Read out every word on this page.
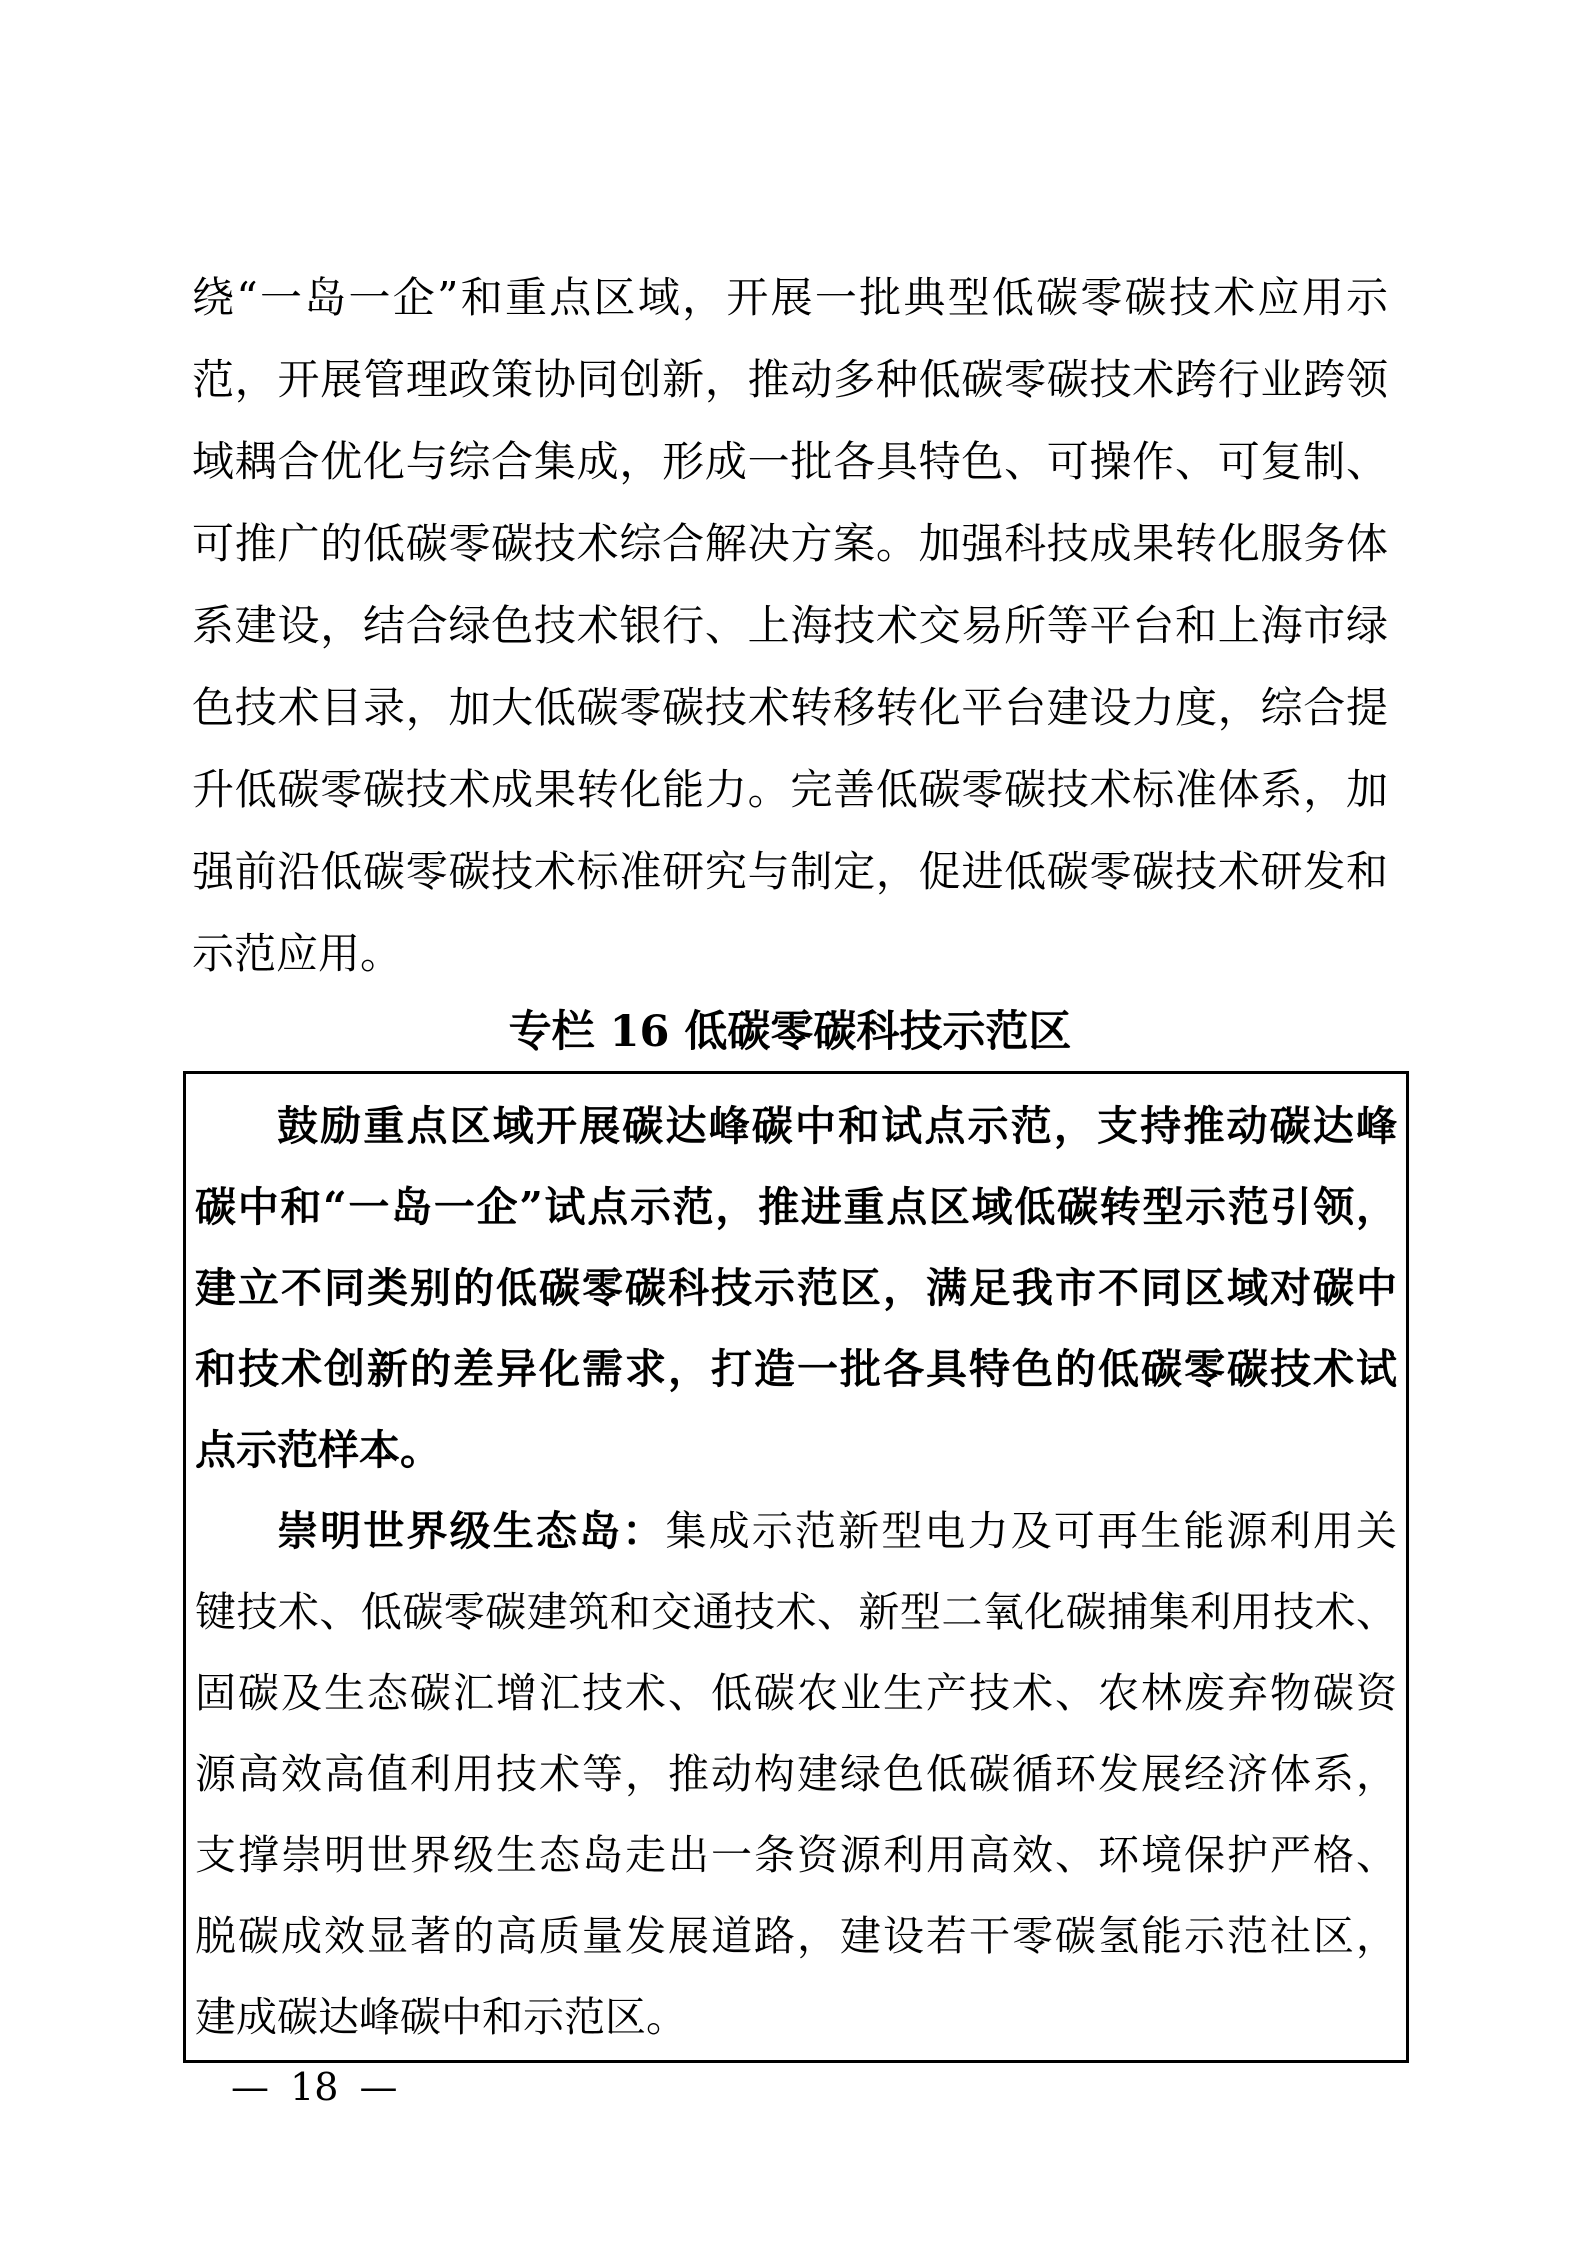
绕“一岛一企”和重点区域，开展一批典型低碳零碳技术应用示
范，开展管理政策协同创新，推动多种低碳零碳技术跨行业跨领
域耦合优化与综合集成，形成一批各具特色、可操作、可复制、
可推广的低碳零碳技术综合解决方案。加强科技成果转化服务体
系建设，结合绿色技术银行、上海技术交易所等平台和上海市绿
色技术目录，加大低碳零碳技术转移转化平台建设力度，综合提
升低碳零碳技术成果转化能力。完善低碳零碳技术标准体系，加
强前沿低碳零碳技术标准研究与制定，促进低碳零碳技术研发和
示范应用。
专栏 16 低碳零碳科技示范区
鼓励重点区域开展碳达峰碳中和试点示范，支持推动碳达峰
碳中和“一岛一企”试点示范，推进重点区域低碳转型示范引领，
建立不同类别的低碳零碳科技示范区，满足我市不同区域对碳中
和技术创新的差异化需求，打造一批各具特色的低碳零碳技术试
点示范样本。
崇明世界级生态岛：集成示范新型电力及可再生能源利用关
键技术、低碳零碳建筑和交通技术、新型二氧化碳捕集利用技术、
固碳及生态碳汇增汇技术、低碳农业生产技术、农林废弃物碳资
源高效高值利用技术等，推动构建绿色低碳循环发展经济体系，
支撑崇明世界级生态岛走出一条资源利用高效、环境保护严格、
脱碳成效显著的高质量发展道路，建设若干零碳氢能示范社区，
建成碳达峰碳中和示范区。
— 18 —
